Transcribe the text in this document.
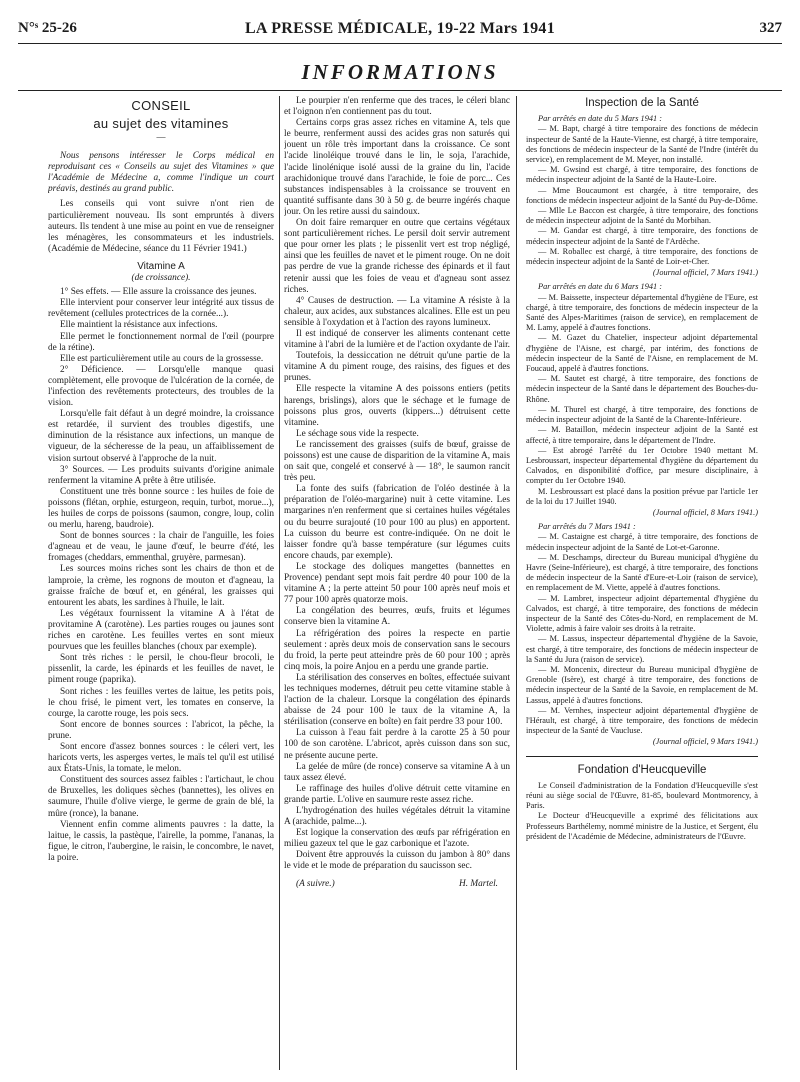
N°ˢ 25-26	LA PRESSE MÉDICALE, 19-22 Mars 1941	327
INFORMATIONS
CONSEIL
au sujet des vitamines
—

Nous pensons intéresser le Corps médical en reproduisant ces « Conseils au sujet des Vitamines » que l'Académie de Médecine a, comme l'indique un court préavis, destinés au grand public.

Les conseils qui vont suivre n'ont rien de particulièrement nouveau. Ils sont empruntés à divers auteurs. Ils tendent à une mise au point en vue de renseigner les ménagères, les consommateurs et les industriels. (Académie de Médecine, séance du 11 Février 1941.)

Vitamine A
(de croissance).

1° Ses effets. — Elle assure la croissance des jeunes.

Elle intervient pour conserver leur intégrité aux tissus de revêtement (cellules protectrices de la cornée...).

Elle maintient la résistance aux infections.

Elle permet le fonctionnement normal de l'œil (pourpre de la rétine).

Elle est particulièrement utile au cours de la grossesse.

2° Déficience. — Lorsqu'elle manque quasi complètement, elle provoque de l'ulcération de la cornée, de l'infection des revêtements protecteurs, des troubles de la vision.

Lorsqu'elle fait défaut à un degré moindre, la croissance est retardée, il survient des troubles digestifs, une diminution de la résistance aux infections, un manque de vigueur, de la sécheresse de la peau, un affaiblissement de vision surtout observé à l'approche de la nuit.

3° Sources. — Les produits suivants d'origine animale renferment la vitamine A prête à être utilisée.

Constituent une très bonne source : les huiles de foie de poissons (flétan, orphie, esturgeon, requin, turbot, morue...), les huiles de corps de poissons (saumon, congre, loup, colin ou merlu, hareng, baudroie).

Sont de bonnes sources : la chair de l'anguille, les foies d'agneau et de veau, le jaune d'œuf, le beurre d'été, les fromages (cheddars, emmenthal, gruyère, parmesan).

Les sources moins riches sont les chairs de thon et de lamproie, la crème, les rognons de mouton et d'agneau, la graisse fraîche de bœuf et, en général, les graisses qui entourent les abats, les sardines à l'huile, le lait.

Les végétaux fournissent la vitamine A à l'état de provitamine A (carotène). Les parties rouges ou jaunes sont riches en carotène. Les feuilles vertes en sont mieux pourvues que les feuilles blanches (choux par exemple).

Sont très riches : le persil, le chou-fleur brocoli, le pissenlit, la carde, les épinards et les feuilles de navet, le piment rouge (paprika).

Sont riches : les feuilles vertes de laitue, les petits pois, le chou frisé, le piment vert, les tomates en conserve, la courge, la carotte rouge, les pois secs.

Sont encore de bonnes sources : l'abricot, la pêche, la prune.

Sont encore d'assez bonnes sources : le céleri vert, les haricots verts, les asperges vertes, le maïs tel qu'il est utilisé aux États-Unis, la tomate, le melon.

Constituent des sources assez faibles : l'artichaut, le chou de Bruxelles, les doliques sèches (bannettes), les olives en saumure, l'huile d'olive vierge, le germe de grain de blé, la mûre (ronce), la banane.

Viennent enfin comme aliments pauvres : la datte, la laitue, le cassis, la pastèque, l'airelle, la pomme, l'ananas, la figue, le citron, l'aubergine, le raisin, le concombre, le navet, la poire.

Le pourpier n'en renferme que des traces, le céleri blanc et l'oignon n'en contiennent pas du tout.

Certains corps gras assez riches en vitamine A, tels que le beurre, renferment aussi des acides gras non saturés qui jouent un rôle très important dans la croissance. Ce sont l'acide linoléique trouvé dans le lin, le soja, l'arachide, l'acide linolénique isolé aussi de la graine du lin, l'acide arachidonique trouvé dans l'arachide, le foie de porc... Ces substances indispensables à la croissance se trouvent en quantité suffisante dans 30 à 50 g. de beurre ingérés chaque jour. On les retire aussi du saindoux.

On doit faire remarquer en outre que certains végétaux sont particulièrement riches. Le persil doit servir autrement que pour orner les plats ; le pissenlit vert est trop négligé, ainsi que les feuilles de navet et le piment rouge. On ne doit pas perdre de vue la grande richesse des épinards et il faut retenir aussi que les foies de veau et d'agneau sont assez riches.

4° Causes de destruction. — La vitamine A résiste à la chaleur, aux acides, aux substances alcalines. Elle est un peu sensible à l'oxydation et à l'action des rayons lumineux.

Il est indiqué de conserver les aliments contenant cette vitamine à l'abri de la lumière et de l'action oxydante de l'air.

Toutefois, la dessiccation ne détruit qu'une partie de la vitamine A du piment rouge, des raisins, des figues et des prunes.

Elle respecte la vitamine A des poissons entiers (petits harengs, brislings), alors que le séchage et le fumage de poissons plus gros, ouverts (kippers...) détruisent cette vitamine.

Le séchage sous vide la respecte.

Le rancissement des graisses (suifs de bœuf, graisse de poissons) est une cause de disparition de la vitamine A, mais on sait que, congelé et conservé à — 18°, le saumon rancit très peu.

La fonte des suifs (fabrication de l'oléo destinée à la préparation de l'oléo-margarine) nuit à cette vitamine. Les margarines n'en renferment que si certaines huiles végétales ou du beurre surajouté (10 pour 100 au plus) en apportent. La cuisson du beurre est contre-indiquée. On ne doit le laisser fondre qu'à basse température (sur légumes cuits encore chauds, par exemple).

Le stockage des doliques mangettes (bannettes en Provence) pendant sept mois fait perdre 40 pour 100 de la vitamine A ; la perte atteint 50 pour 100 après neuf mois et 77 pour 100 après quatorze mois.

La congélation des beurres, œufs, fruits et légumes conserve bien la vitamine A.

La réfrigération des poires la respecte en partie seulement : après deux mois de conservation sans le secours du froid, la perte peut atteindre près de 60 pour 100 ; après cinq mois, la poire Anjou en a perdu une grande partie.

La stérilisation des conserves en boîtes, effectuée suivant les techniques modernes, détruit peu cette vitamine stable à l'action de la chaleur. Lorsque la congélation des épinards abaisse de 24 pour 100 le taux de la vitamine A, la stérilisation (conserve en boîte) en fait perdre 33 pour 100.

La cuisson à l'eau fait perdre à la carotte 25 à 50 pour 100 de son carotène. L'abricot, après cuisson dans son suc, ne présente aucune perte.

La gelée de mûre (de ronce) conserve sa vitamine A à un taux assez élevé.

Le raffinage des huiles d'olive détruit cette vitamine en grande partie. L'olive en saumure reste assez riche.

L'hydrogénation des huiles végétales détruit la vitamine A (arachide, palme...).

Est logique la conservation des œufs par réfrigération en milieu gazeux tel que le gaz carbonique et l'azote.

Doivent être approuvés la cuisson du jambon à 80° dans le vide et le mode de préparation du saucisson sec.

(A suivre.)	H. Martel.
Inspection de la Santé

Par arrêtés en date du 5 Mars 1941 :

— M. Bapt, chargé à titre temporaire des fonctions de médecin inspecteur de Santé de la Haute-Vienne, est chargé, à titre temporaire, des fonctions de médecin inspecteur de la Santé de l'Indre (intérêt du service), en remplacement de M. Meyer, non installé.

— M. Gwsind est chargé, à titre temporaire, des fonctions de médecin inspecteur adjoint de la Santé de la Haute-Loire.

— Mme Boucaumont est chargée, à titre temporaire, des fonctions de médecin inspecteur adjoint de la Santé du Puy-de-Dôme.

— Mlle Le Baccon est chargée, à titre temporaire, des fonctions de médecin inspecteur adjoint de la Santé du Morbihan.

— M. Gandar est chargé, à titre temporaire, des fonctions de médecin inspecteur adjoint de la Santé de l'Ardèche.

— M. Roballec est chargé, à titre temporaire, des fonctions de médecin inspecteur adjoint de la Santé de Loir-et-Cher.

(Journal officiel, 7 Mars 1941.)

Par arrêtés en date du 6 Mars 1941 :

— M. Baissette, inspecteur départemental d'hygiène de l'Eure, est chargé, à titre temporaire, des fonctions de médecin inspecteur de la Santé des Alpes-Maritimes (raison de service), en remplacement de M. Lamy, appelé à d'autres fonctions.

— M. Gazet du Chatelier, inspecteur adjoint départemental d'hygiène de l'Aisne, est chargé, par intérim, des fonctions de médecin inspecteur de la Santé de l'Aisne, en remplacement de M. Foucaud, appelé à d'autres fonctions.

— M. Sautet est chargé, à titre temporaire, des fonctions de médecin inspecteur de la Santé dans le département des Bouches-du-Rhône.

— M. Thurel est chargé, à titre temporaire, des fonctions de médecin inspecteur adjoint de la Santé de la Charente-Inférieure.

— M. Bataillon, médecin inspecteur adjoint de la Santé est affecté, à titre temporaire, dans le département de l'Indre.

— Est abrogé l'arrêté du 1er Octobre 1940 mettant M. Lesbroussart, inspecteur départemental d'hygiène du département du Calvados, en disponibilité d'office, par mesure disciplinaire, à compter du 1er Octobre 1940.

M. Lesbroussart est placé dans la position prévue par l'article 1er de la loi du 17 Juillet 1940.

(Journal officiel, 8 Mars 1941.)

Par arrêtés du 7 Mars 1941 :

— M. Castaigne est chargé, à titre temporaire, des fonctions de médecin inspecteur adjoint de la Santé de Lot-et-Garonne.

— M. Deschamps, directeur du Bureau municipal d'hygiène du Havre (Seine-Inférieure), est chargé, à titre temporaire, des fonctions de médecin inspecteur de la Santé d'Eure-et-Loir (raison de service), en remplacement de M. Viette, appelé à d'autres fonctions.

— M. Lambret, inspecteur adjoint départemental d'hygiène du Calvados, est chargé, à titre temporaire, des fonctions de médecin inspecteur de la Santé des Côtes-du-Nord, en remplacement de M. Violette, admis à faire valoir ses droits à la retraite.

— M. Lassus, inspecteur départemental d'hygiène de la Savoie, est chargé, à titre temporaire, des fonctions de médecin inspecteur de la Santé du Jura (raison de service).

— M. Moncenix, directeur du Bureau municipal d'hygiène de Grenoble (Isère), est chargé à titre temporaire, des fonctions de médecin inspecteur de la Santé de la Savoie, en remplacement de M. Lassus, appelé à d'autres fonctions.

— M. Vernhes, inspecteur adjoint départemental d'hygiène de l'Hérault, est chargé, à titre temporaire, des fonctions de médecin inspecteur de la Santé de Vaucluse.

(Journal officiel, 9 Mars 1941.)
Fondation d'Heucqueville

Le Conseil d'administration de la Fondation d'Heucqueville s'est réuni au siège social de l'Œuvre, 81-85, boulevard Montmorency, à Paris.

Le Docteur d'Heucqueville a exprimé des félicitations aux Professeurs Barthélemy, nommé ministre de la Justice, et Sergent, élu président de l'Académie de Médecine, administrateurs de l'Œuvre.
